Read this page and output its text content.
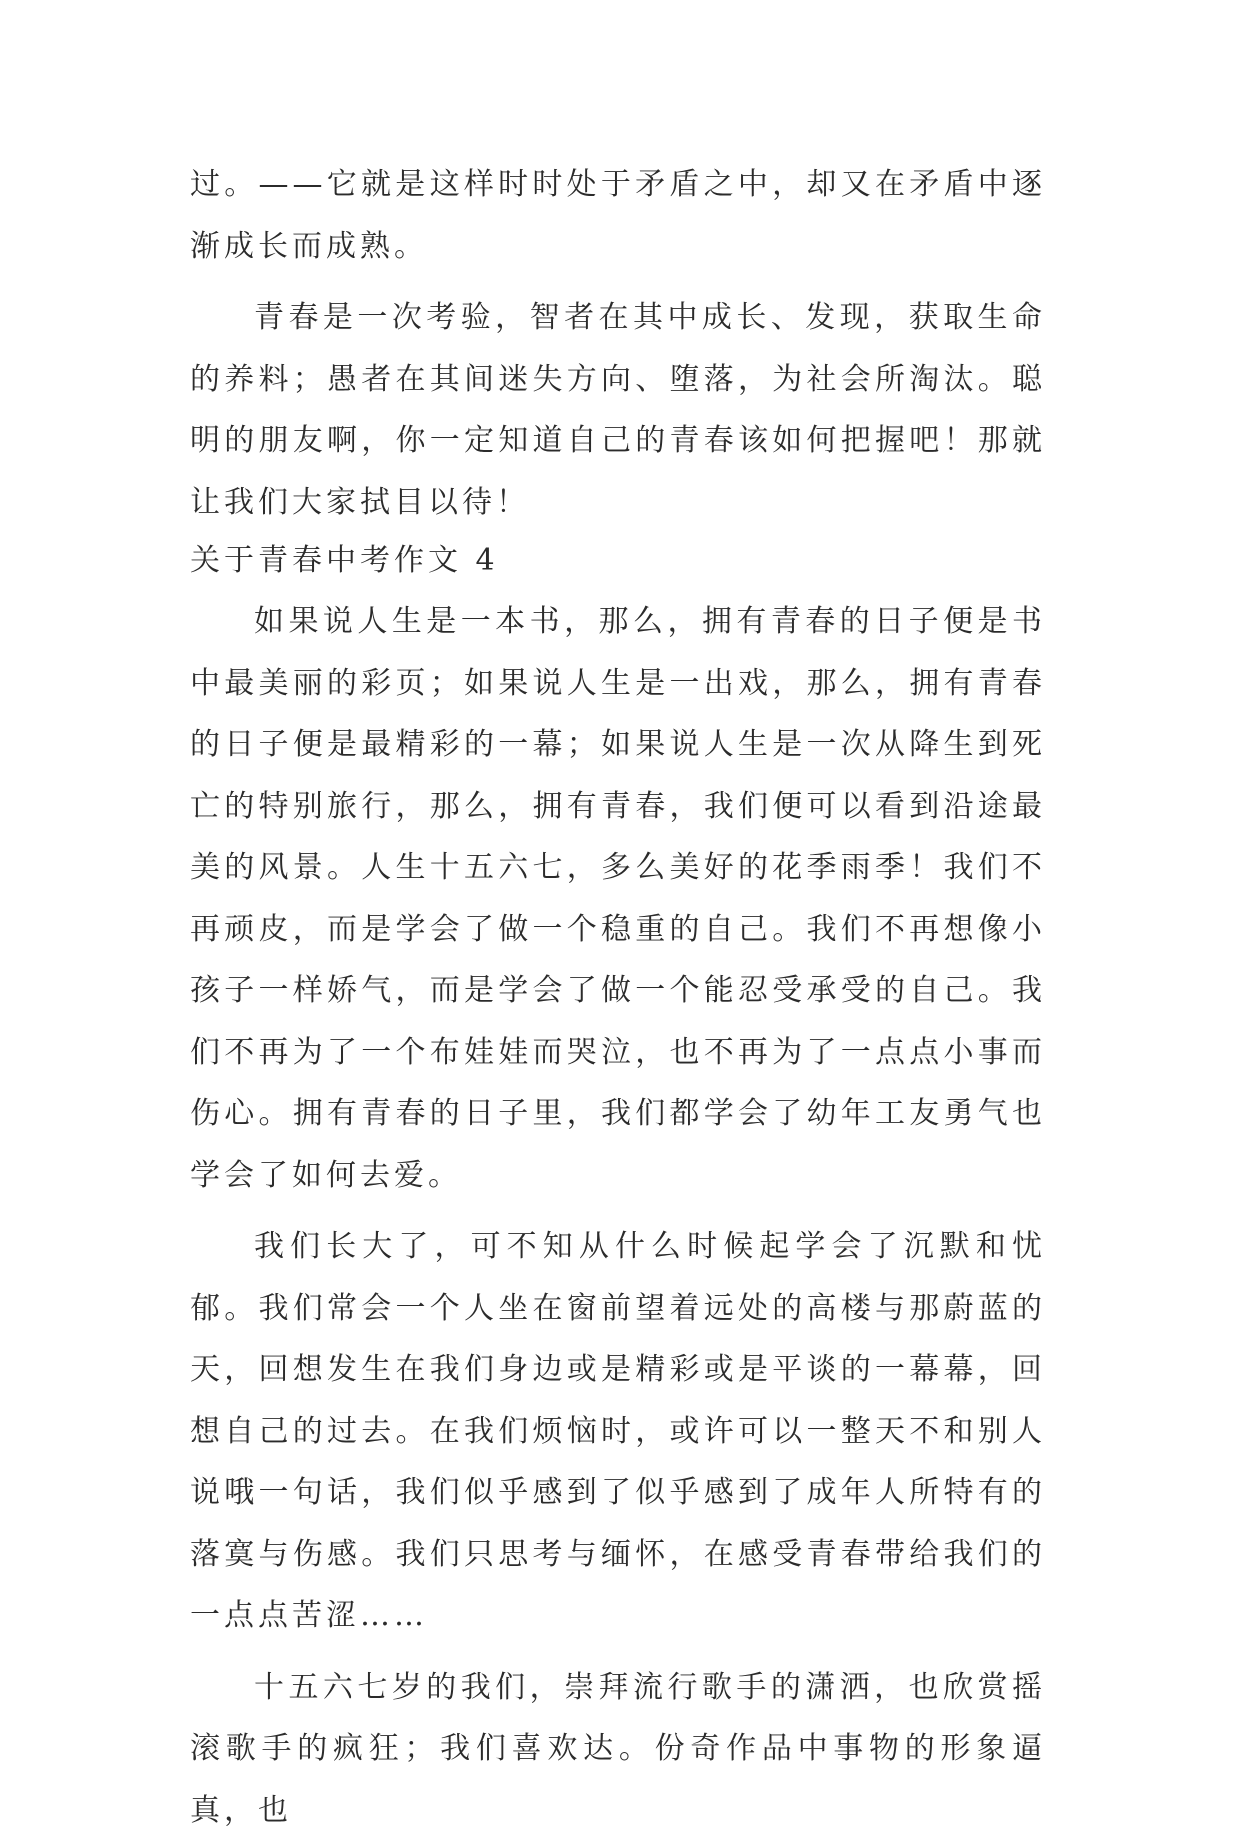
过。——它就是这样时时处于矛盾之中，却又在矛盾中逐渐成长而成熟。

青春是一次考验，智者在其中成长、发现，获取生命的养料；愚者在其间迷失方向、堕落，为社会所淘汰。聪明的朋友啊，你一定知道自己的青春该如何把握吧！那就让我们大家拭目以待！

关于青春中考作文 4

如果说人生是一本书，那么，拥有青春的日子便是书中最美丽的彩页；如果说人生是一出戏，那么，拥有青春的日子便是最精彩的一幕；如果说人生是一次从降生到死亡的特别旅行，那么，拥有青春，我们便可以看到沿途最美的风景。人生十五六七，多么美好的花季雨季！我们不再顽皮，而是学会了做一个稳重的自己。我们不再想像小孩子一样娇气，而是学会了做一个能忍受承受的自己。我们不再为了一个布娃娃而哭泣，也不再为了一点点小事而伤心。拥有青春的日子里，我们都学会了幼年工友勇气也学会了如何去爱。

我们长大了，可不知从什么时候起学会了沉默和忧郁。我们常会一个人坐在窗前望着远处的高楼与那蔚蓝的天，回想发生在我们身边或是精彩或是平谈的一幕幕，回想自己的过去。在我们烦恼时，或许可以一整天不和别人说哦一句话，我们似乎感到了似乎感到了成年人所特有的落寞与伤感。我们只思考与缅怀，在感受青春带给我们的一点点苦涩……

十五六七岁的我们，崇拜流行歌手的潇洒，也欣赏摇滚歌手的疯狂；我们喜欢达。份奇作品中事物的形象逼真，也
